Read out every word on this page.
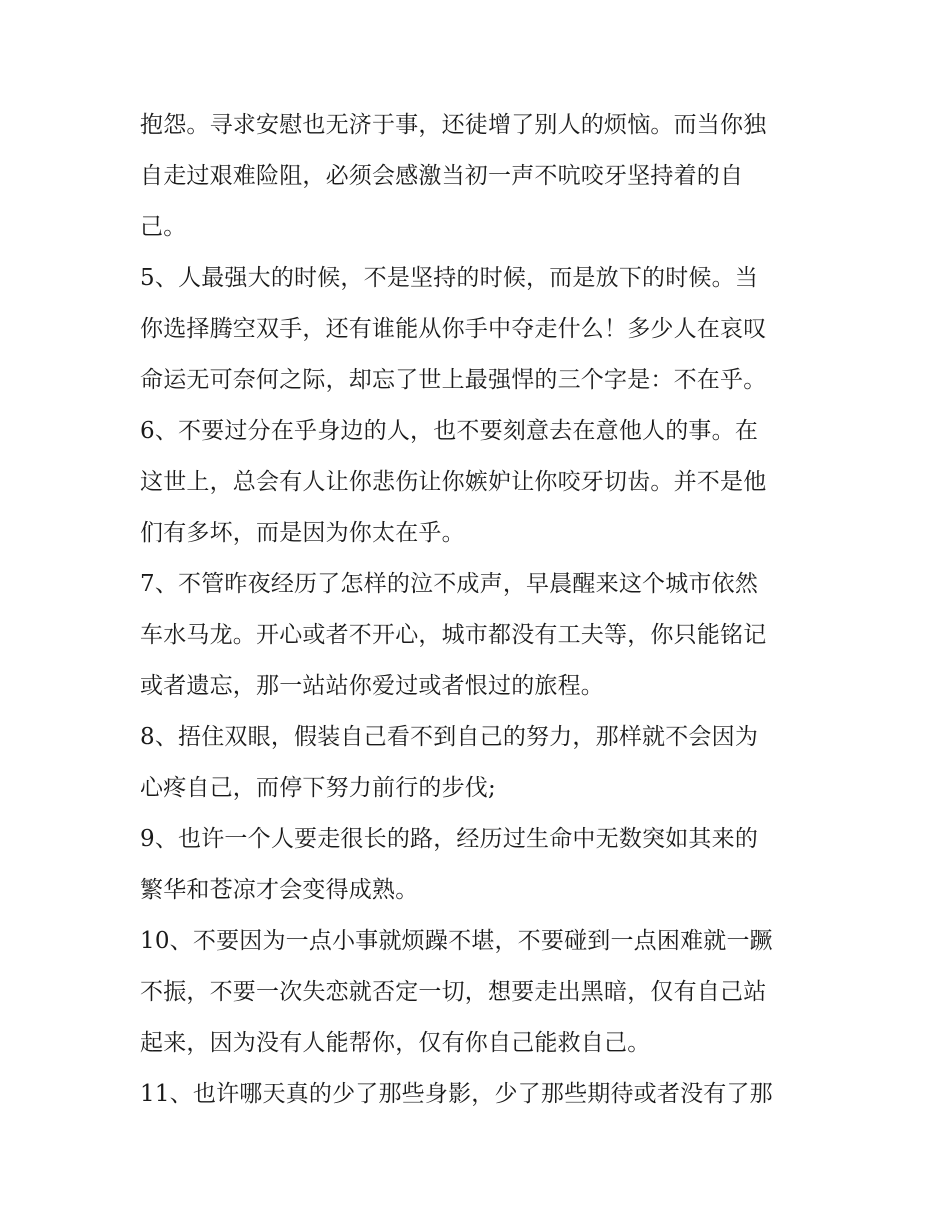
抱怨。寻求安慰也无济于事，还徒增了别人的烦恼。而当你独
自走过艰难险阻，必须会感激当初一声不吭咬牙坚持着的自
己。
5、人最强大的时候，不是坚持的时候，而是放下的时候。当
你选择腾空双手，还有谁能从你手中夺走什么！多少人在哀叹
命运无可奈何之际，却忘了世上最强悍的三个字是：不在乎。
6、不要过分在乎身边的人，也不要刻意去在意他人的事。在
这世上，总会有人让你悲伤让你嫉妒让你咬牙切齿。并不是他
们有多坏，而是因为你太在乎。
7、不管昨夜经历了怎样的泣不成声，早晨醒来这个城市依然
车水马龙。开心或者不开心，城市都没有工夫等，你只能铭记
或者遗忘，那一站站你爱过或者恨过的旅程。
8、捂住双眼，假装自己看不到自己的努力，那样就不会因为
心疼自己，而停下努力前行的步伐;
9、也许一个人要走很长的路，经历过生命中无数突如其来的
繁华和苍凉才会变得成熟。
10、不要因为一点小事就烦躁不堪，不要碰到一点困难就一蹶
不振，不要一次失恋就否定一切，想要走出黑暗，仅有自己站
起来，因为没有人能帮你，仅有你自己能救自己。
11、也许哪天真的少了那些身影，少了那些期待或者没有了那
